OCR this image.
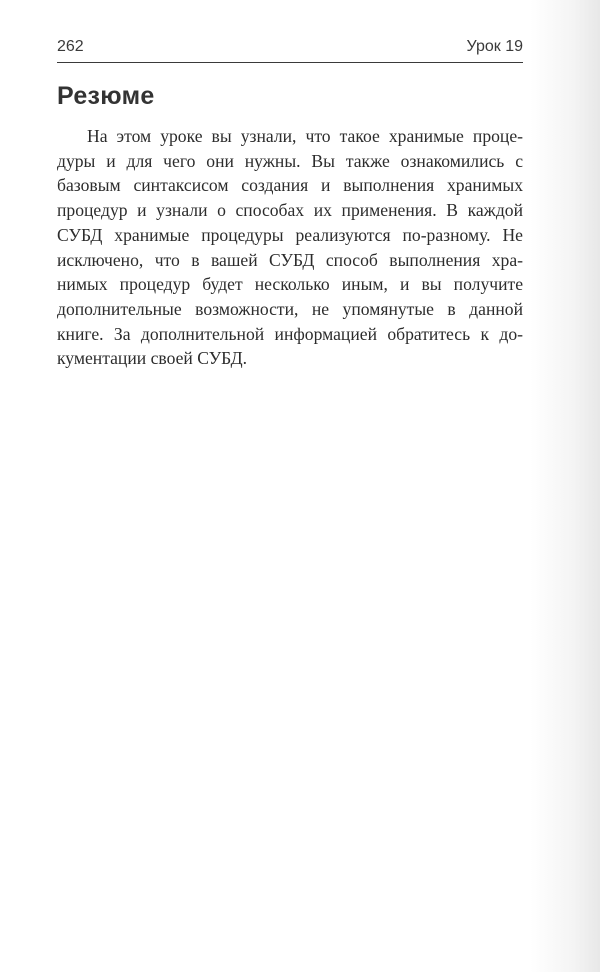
262	Урок 19
Резюме

На этом уроке вы узнали, что такое хранимые проце-
дуры и для чего они нужны. Вы также ознакомились с
базовым синтаксисом создания и выполнения хранимых
процедур и узнали о способах их применения. В каждой
СУБД хранимые процедуры реализуются по-разному. Не
исключено, что в вашей СУБД способ выполнения хра-
нимых процедур будет несколько иным, и вы получите
дополнительные возможности, не упомянутые в данной
книге. За дополнительной информацией обратитесь к до-
кументации своей СУБД.
